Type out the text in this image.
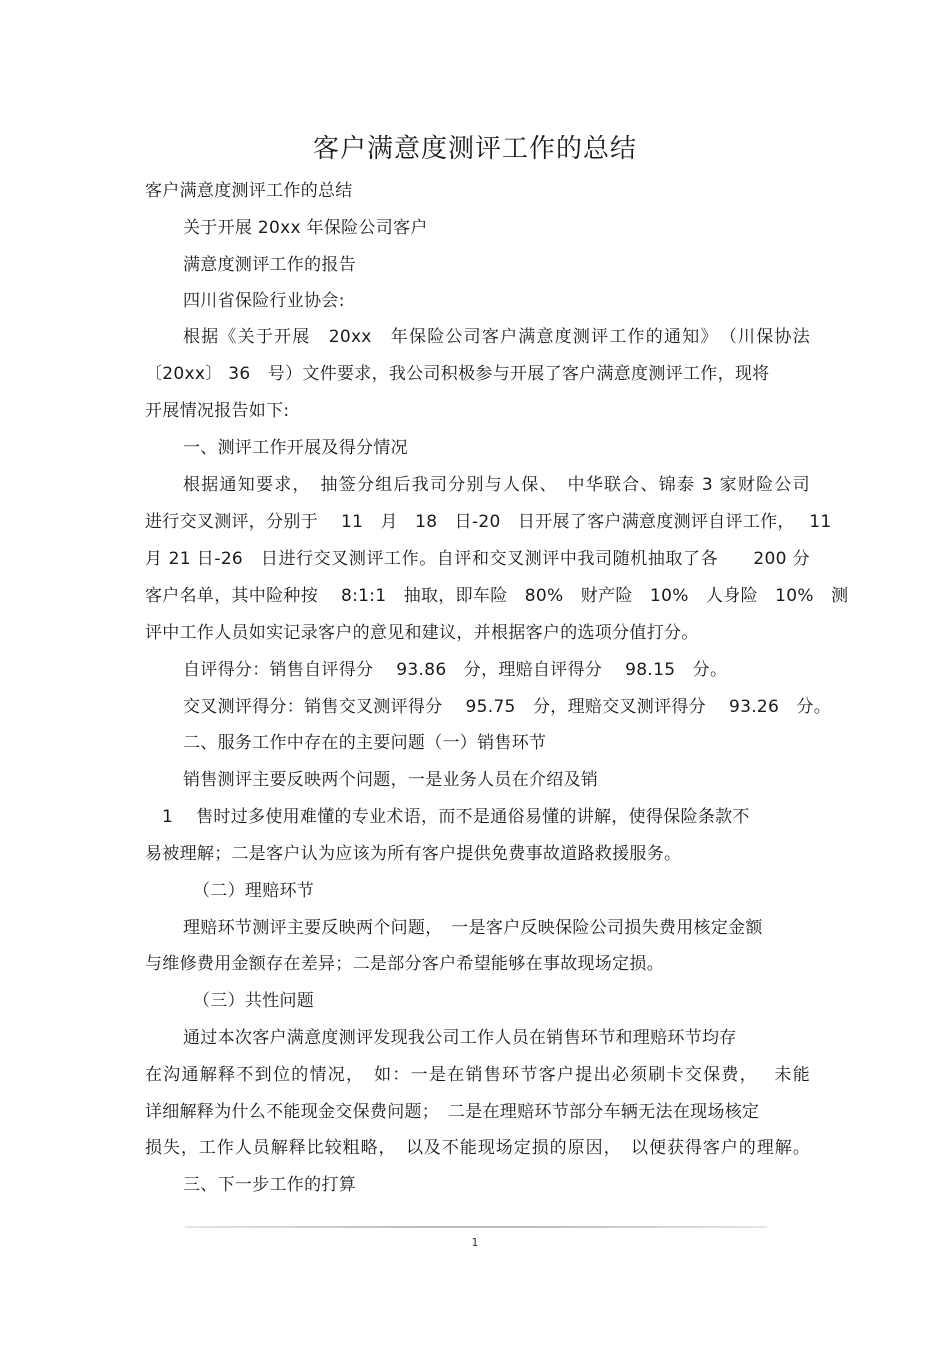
客户满意度测评工作的总结
客户满意度测评工作的总结
关于开展 20xx 年保险公司客户
满意度测评工作的报告
四川省保险行业协会:
根据《关于开展　20xx　年保险公司客户满意度测评工作的通知》　（川保协法
〔20xx〕 36　号）文件要求，我公司积极参与开展了客户满意度测评工作，现将
开展情况报告如下:
一、测评工作开展及得分情况
根据通知要求，　抽签分组后我司分别与人保、　中华联合、锦泰 3 家财险公司
进行交叉测评，分别于　 11　月　18　日-20　日开展了客户满意度测评自评工作，　 11
月 21 日-26　日进行交叉测评工作。自评和交叉测评中我司随机抽取了各　　200 分
客户名单，其中险种按　 8:1:1　抽取，即车险　80%　财产险　10%　人身险　10%　测
评中工作人员如实记录客户的意见和建议，并根据客户的选项分值打分。
自评得分：销售自评得分　 93.86　分，理赔自评得分　 98.15　分。
交叉测评得分：销售交叉测评得分　 95.75　分，理赔交叉测评得分　 93.26　分。
二、服务工作中存在的主要问题（一）销售环节
销售测评主要反映两个问题，一是业务人员在介绍及销
1　 售时过多使用难懂的专业术语，而不是通俗易懂的讲解，使得保险条款不
易被理解；二是客户认为应该为所有客户提供免费事故道路救援服务。
（二）理赔环节
理赔环节测评主要反映两个问题，　一是客户反映保险公司损失费用核定金额
与维修费用金额存在差异；二是部分客户希望能够在事故现场定损。
（三）共性问题
通过本次客户满意度测评发现我公司工作人员在销售环节和理赔环节均存
在沟通解释不到位的情况，　如：一是在销售环节客户提出必须刷卡交保费，　 未能
详细解释为什么不能现金交保费问题；　二是在理赔环节部分车辆无法在现场核定
损失，工作人员解释比较粗略，　以及不能现场定损的原因，　以便获得客户的理解。
三、下一步工作的打算
1
